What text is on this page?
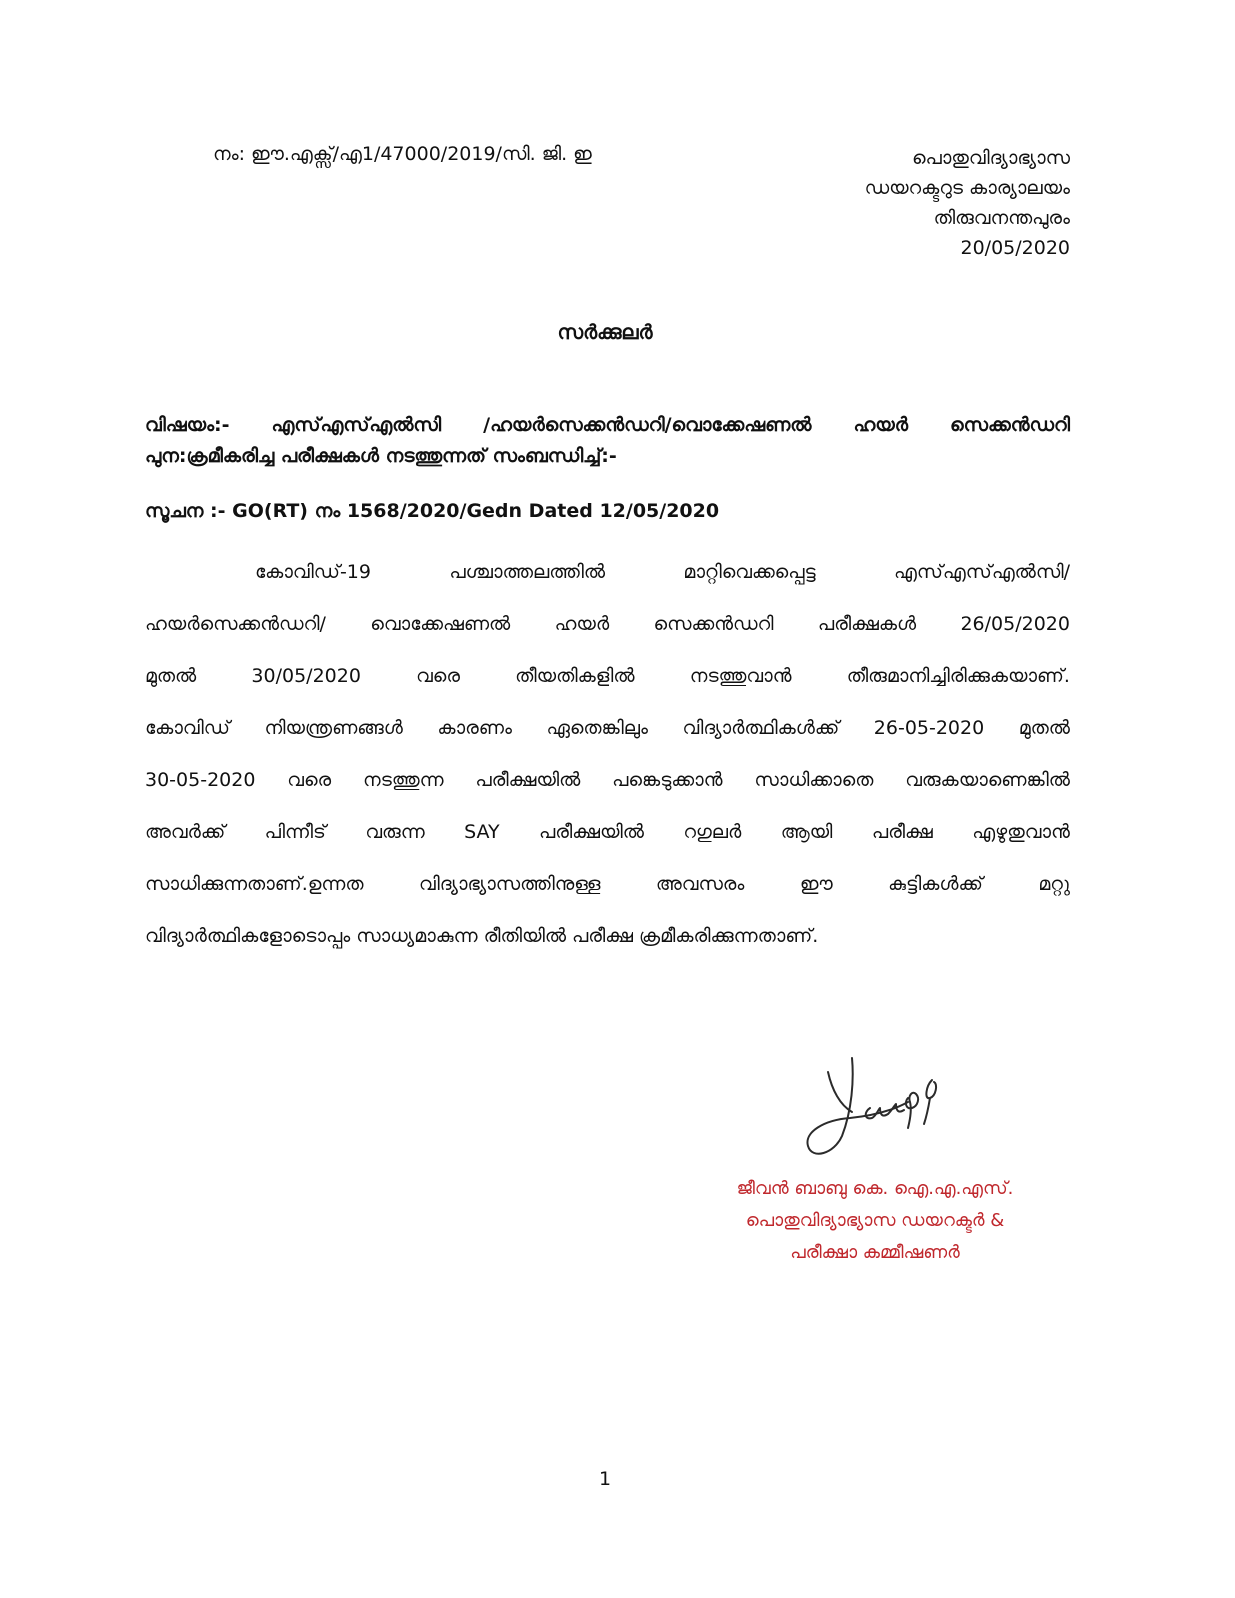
നം: ഈ.എക്സ്/എ1/47000/2019/സി. ജി. ഇ	പൊതുവിദ്യാഭ്യാസ
ഡയറക്ടറുട കാര്യാലയം
തിരുവനന്തപുരം
20/05/2020
സർക്കുലർ
വിഷയം:- എസ്എസ്എൽസി /ഹയർസെക്കൻഡറി/വൊക്കേഷണൽ ഹയർ സെക്കൻഡറി
പുന:ക്രമീകരിച്ച പരീക്ഷകൾ നടത്തുന്നത് സംബന്ധിച്ച്:-
സൂചന :- GO(RT) നം 1568/2020/Gedn Dated 12/05/2020
കോവിഡ്-19	പശ്ചാത്തലത്തിൽ	മാറ്റിവെക്കപ്പെട്ട	എസ്എസ്എൽസി/
ഹയർസെക്കൻഡറി/ വൊക്കേഷണൽ ഹയർ സെക്കൻഡറി പരീക്ഷകൾ 26/05/2020
മുതൽ	30/05/2020	വരെ	തീയതികളിൽ	നടത്തുവാൻ	തീരുമാനിച്ചിരിക്കുകയാണ്.
കോവിഡ് നിയന്ത്രണങ്ങൾ കാരണം ഏതെങ്കിലും വിദ്യാർത്ഥികൾക്ക് 26-05-2020 മുതൽ
30-05-2020 വരെ നടത്തുന്ന പരീക്ഷയിൽ പങ്കെടുക്കാൻ സാധിക്കാതെ വരുകയാണെങ്കിൽ
അവർക്ക് പിന്നീട് വരുന്ന SAY പരീക്ഷയിൽ റഗുലർ ആയി പരീക്ഷ എഴുതുവാൻ
സാധിക്കുന്നതാണ്.ഉന്നത	വിദ്യാഭ്യാസത്തിനുള്ള	അവസരം	ഈ	കുട്ടികൾക്ക്	മറ്റു
വിദ്യാർത്ഥികളോടൊപ്പം സാധ്യമാകുന്ന രീതിയിൽ പരീക്ഷ ക്രമീകരിക്കുന്നതാണ്.
ജീവൻ ബാബു കെ. ഐ.എ.എസ്.
പൊതുവിദ്യാഭ്യാസ ഡയറക്ടർ &
പരീക്ഷാ കമ്മീഷണർ
1
